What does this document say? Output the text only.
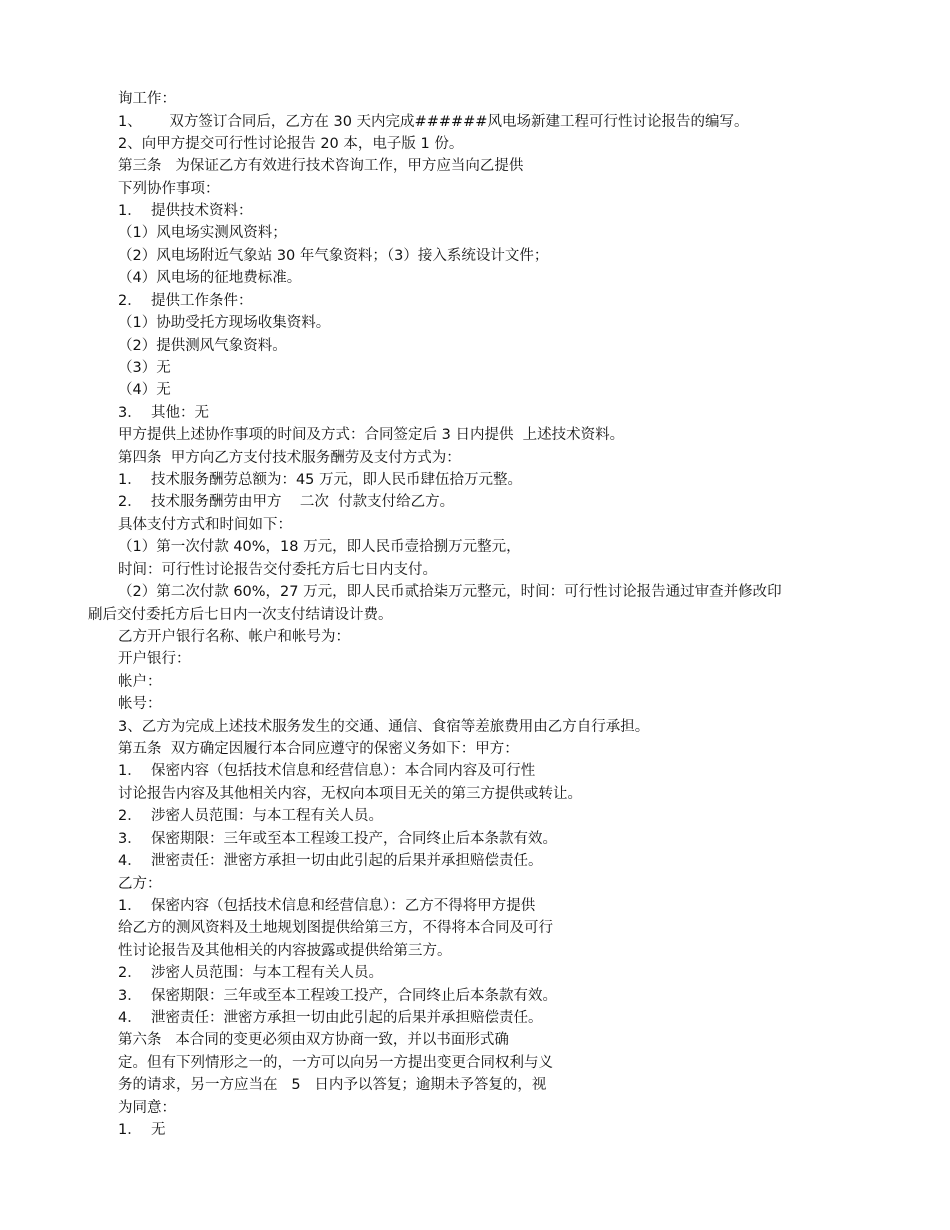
询工作：
1、      双方签订合同后，乙方在 30 天内完成######风电场新建工程可行性讨论报告的编写。
2、向甲方提交可行性讨论报告 20 本，电子版 1 份。
第三条   为保证乙方有效进行技术咨询工作，甲方应当向乙提供
下列协作事项：
1．  提供技术资料：
（1）风电场实测风资料；
（2）风电场附近气象站 30 年气象资料；（3）接入系统设计文件；
（4）风电场的征地费标准。
2．  提供工作条件：
（1）协助受托方现场收集资料。
（2）提供测风气象资料。
（3）无
（4）无
3．  其他：无
甲方提供上述协作事项的时间及方式：合同签定后 3 日内提供  上述技术资料。
第四条  甲方向乙方支付技术服务酬劳及支付方式为：
1．  技术服务酬劳总额为：45 万元，即人民币肆伍拾万元整。
2．  技术服务酬劳由甲方    二次  付款支付给乙方。
具体支付方式和时间如下：
（1）第一次付款 40%，18 万元，即人民币壹拾捌万元整元，
时间：可行性讨论报告交付委托方后七日内支付。
（2）第二次付款 60%，27 万元，即人民币贰拾柒万元整元，时间：可行性讨论报告通过审查并修改印
刷后交付委托方后七日内一次支付结请设计费。
乙方开户银行名称、帐户和帐号为：
开户银行：
帐户：
帐号：
3、乙方为完成上述技术服务发生的交通、通信、食宿等差旅费用由乙方自行承担。
第五条  双方确定因履行本合同应遵守的保密义务如下：甲方：
1．  保密内容（包括技术信息和经营信息）：本合同内容及可行性
讨论报告内容及其他相关内容，无权向本项目无关的第三方提供或转让。
2．  涉密人员范围：与本工程有关人员。
3．  保密期限：三年或至本工程竣工投产，合同终止后本条款有效。
4．  泄密责任：泄密方承担一切由此引起的后果并承担赔偿责任。
乙方：
1．  保密内容（包括技术信息和经营信息）：乙方不得将甲方提供
给乙方的测风资料及土地规划图提供给第三方，不得将本合同及可行
性讨论报告及其他相关的内容披露或提供给第三方。
2．  涉密人员范围：与本工程有关人员。
3．  保密期限：三年或至本工程竣工投产，合同终止后本条款有效。
4．  泄密责任：泄密方承担一切由此引起的后果并承担赔偿责任。
第六条   本合同的变更必须由双方协商一致，并以书面形式确
定。但有下列情形之一的，一方可以向另一方提出变更合同权利与义
务的请求，另一方应当在   5   日内予以答复；逾期未予答复的，视
为同意：
1．  无
